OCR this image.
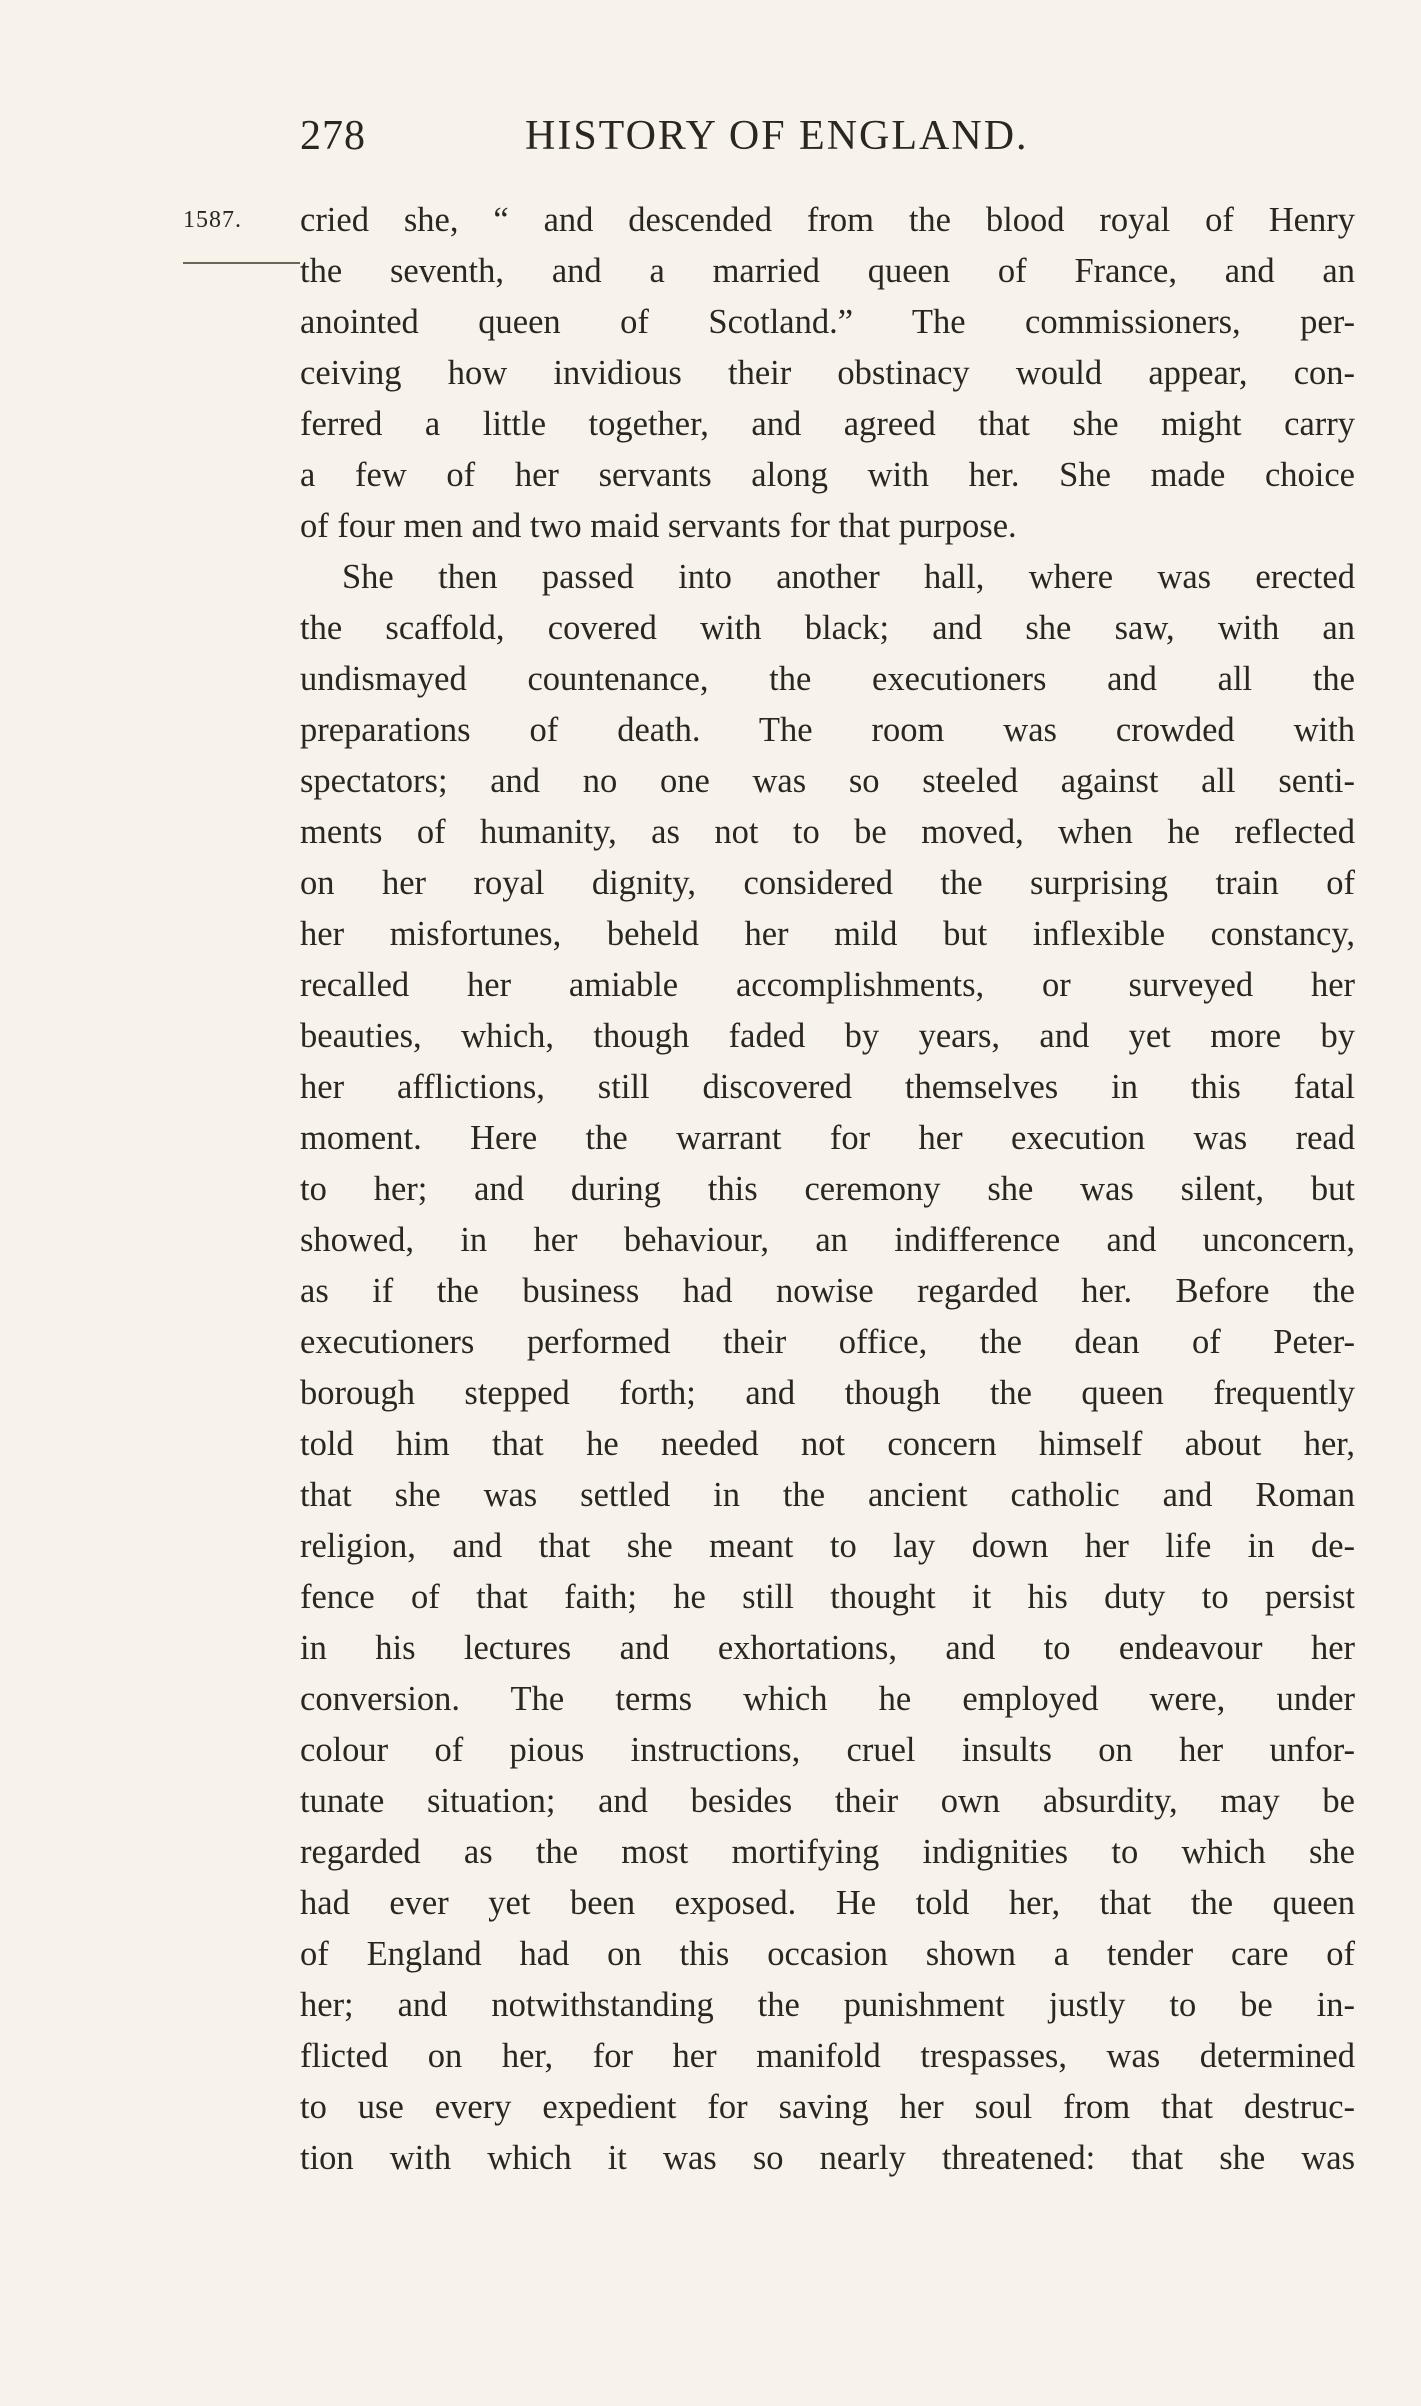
278	HISTORY OF ENGLAND.
1587. cried she, “ and descended from the blood royal of Henry
the seventh, and a married queen of France, and an
anointed queen of Scotland.” The commissioners, per-
ceiving how invidious their obstinacy would appear, con-
ferred a little together, and agreed that she might carry
a few of her servants along with her. She made choice
of four men and two maid servants for that purpose.
She then passed into another hall, where was erected
the scaffold, covered with black; and she saw, with an
undismayed countenance, the executioners and all the
preparations of death. The room was crowded with
spectators; and no one was so steeled against all senti-
ments of humanity, as not to be moved, when he reflected
on her royal dignity, considered the surprising train of
her misfortunes, beheld her mild but inflexible constancy,
recalled her amiable accomplishments, or surveyed her
beauties, which, though faded by years, and yet more by
her afflictions, still discovered themselves in this fatal
moment. Here the warrant for her execution was read
to her; and during this ceremony she was silent, but
showed, in her behaviour, an indifference and unconcern,
as if the business had nowise regarded her. Before the
executioners performed their office, the dean of Peter-
borough stepped forth; and though the queen frequently
told him that he needed not concern himself about her,
that she was settled in the ancient catholic and Roman
religion, and that she meant to lay down her life in de-
fence of that faith; he still thought it his duty to persist
in his lectures and exhortations, and to endeavour her
conversion. The terms which he employed were, under
colour of pious instructions, cruel insults on her unfor-
tunate situation; and besides their own absurdity, may be
regarded as the most mortifying indignities to which she
had ever yet been exposed. He told her, that the queen
of England had on this occasion shown a tender care of
her; and notwithstanding the punishment justly to be in-
flicted on her, for her manifold trespasses, was determined
to use every expedient for saving her soul from that destruc-
tion with which it was so nearly threatened: that she was
